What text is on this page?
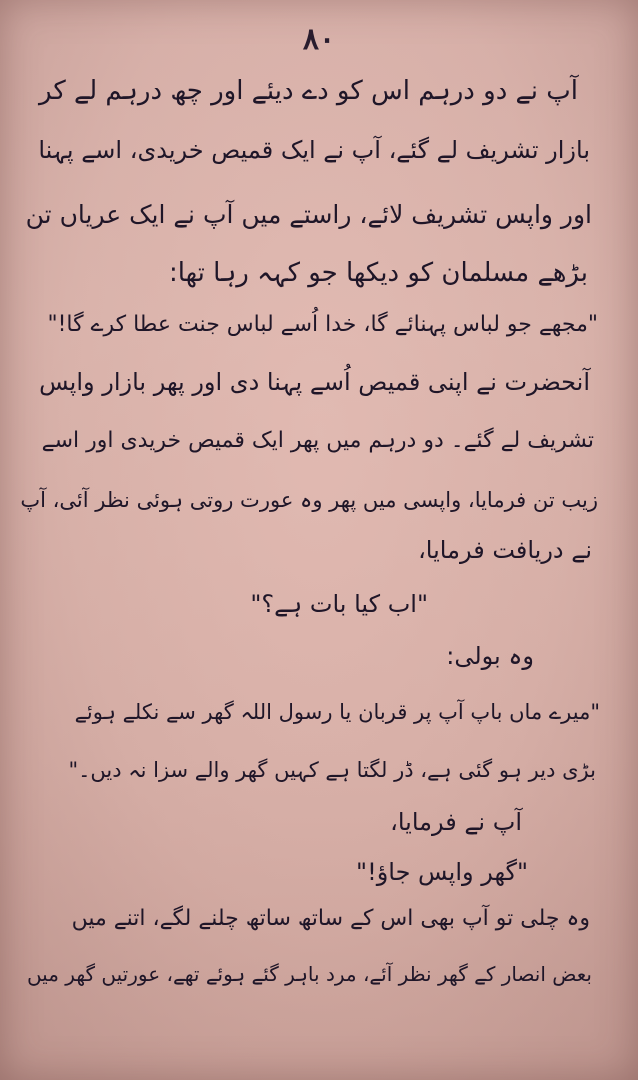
۸۰
آپ نے دو درہم اس کو دے دیئے اور چھ درہم لے کر
بازار تشریف لے گئے، آپ نے ایک قمیص خریدی، اسے پہنا
اور واپس تشریف لائے، راستے میں آپ نے ایک عریاں تن
بڑھے مسلمان کو دیکھا جو کہہ رہا تھا:
"مجھے جو لباس پہنائے گا، خدا اُسے لباس جنت عطا کرے گا!"
آنحضرت نے اپنی قمیص اُسے پہنا دی اور پھر بازار واپس
تشریف لے گئے۔ دو درہم میں پھر ایک قمیص خریدی اور اسے
زیب تن فرمایا، واپسی میں پھر وہ عورت روتی ہوئی نظر آئی، آپ
نے دریافت فرمایا،
"اب کیا بات ہے؟"
وہ بولی:
"میرے ماں باپ آپ پر قربان یا رسول اللہ گھر سے نکلے ہوئے
بڑی دیر ہو گئی ہے، ڈر لگتا ہے کہیں گھر والے سزا نہ دیں۔"
آپ نے فرمایا،
"گھر واپس جاؤ!"
وہ چلی تو آپ بھی اس کے ساتھ ساتھ چلنے لگے، اتنے میں
بعض انصار کے گھر نظر آئے، مرد باہر گئے ہوئے تھے، عورتیں گھر میں
